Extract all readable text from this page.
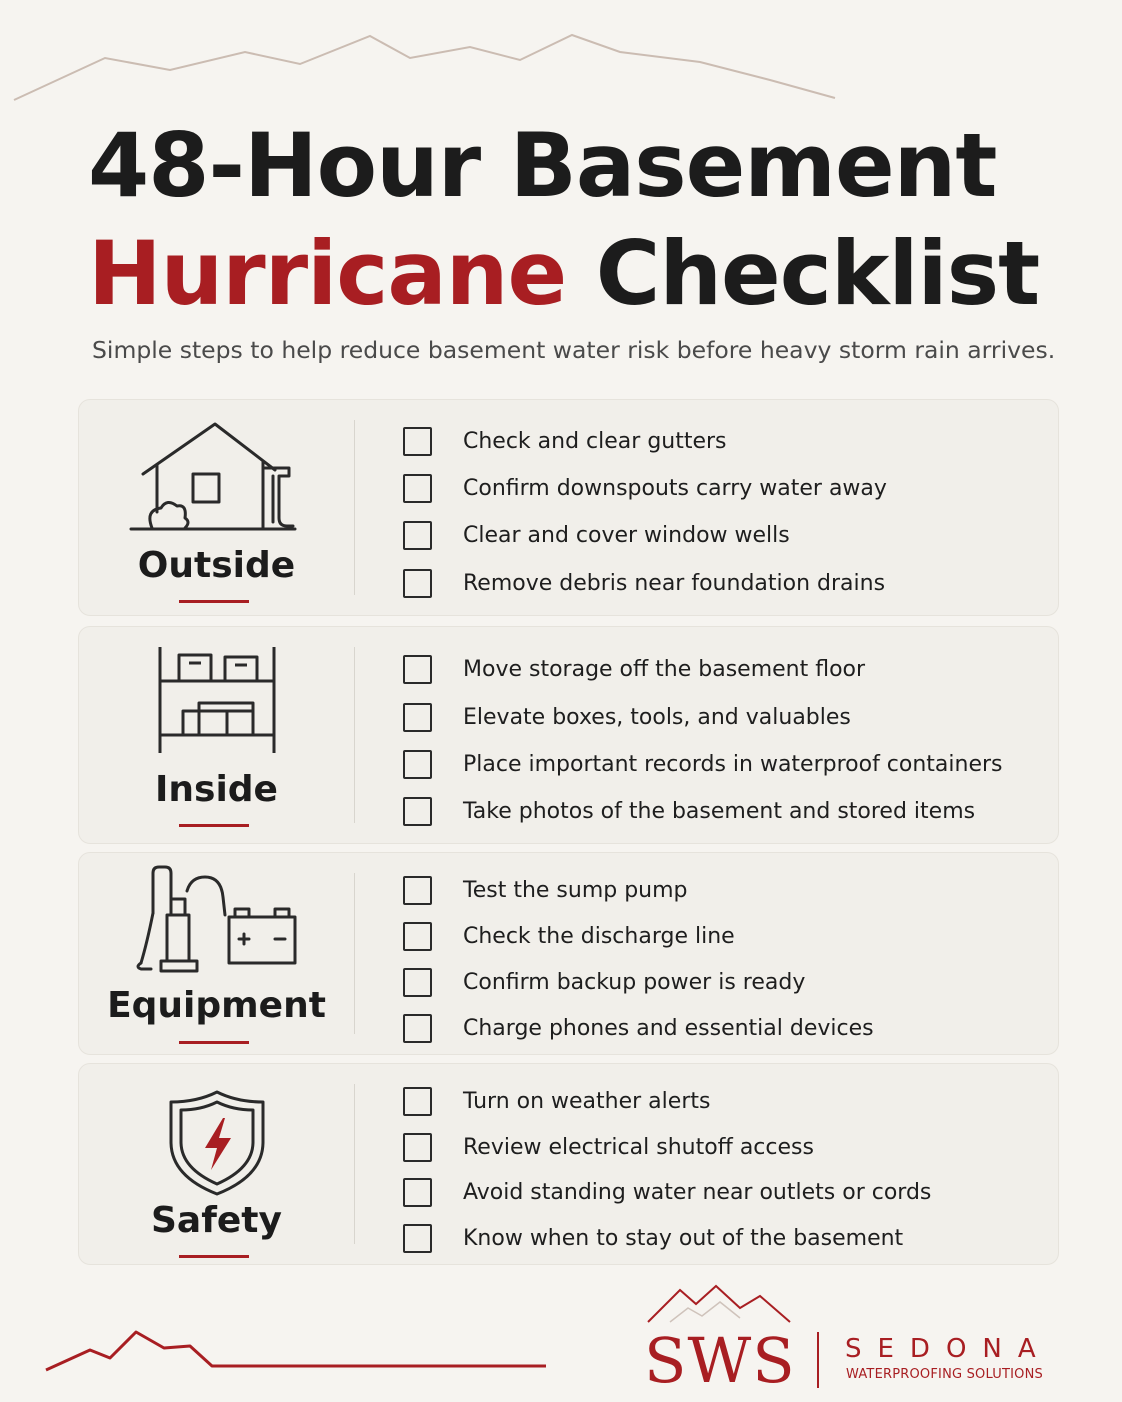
48-Hour Basement
Hurricane Checklist
Simple steps to help reduce basement water risk before heavy storm rain arrives.
Outside
Check and clear gutters
Confirm downspouts carry water away
Clear and cover window wells
Remove debris near foundation drains
Inside
Move storage off the basement floor
Elevate boxes, tools, and valuables
Place important records in waterproof containers
Take photos of the basement and stored items
Equipment
Test the sump pump
Check the discharge line
Confirm backup power is ready
Charge phones and essential devices
Safety
Turn on weather alerts
Review electrical shutoff access
Avoid standing water near outlets or cords
Know when to stay out of the basement
SWS SEDONA
WATERPROOFING SOLUTIONS
